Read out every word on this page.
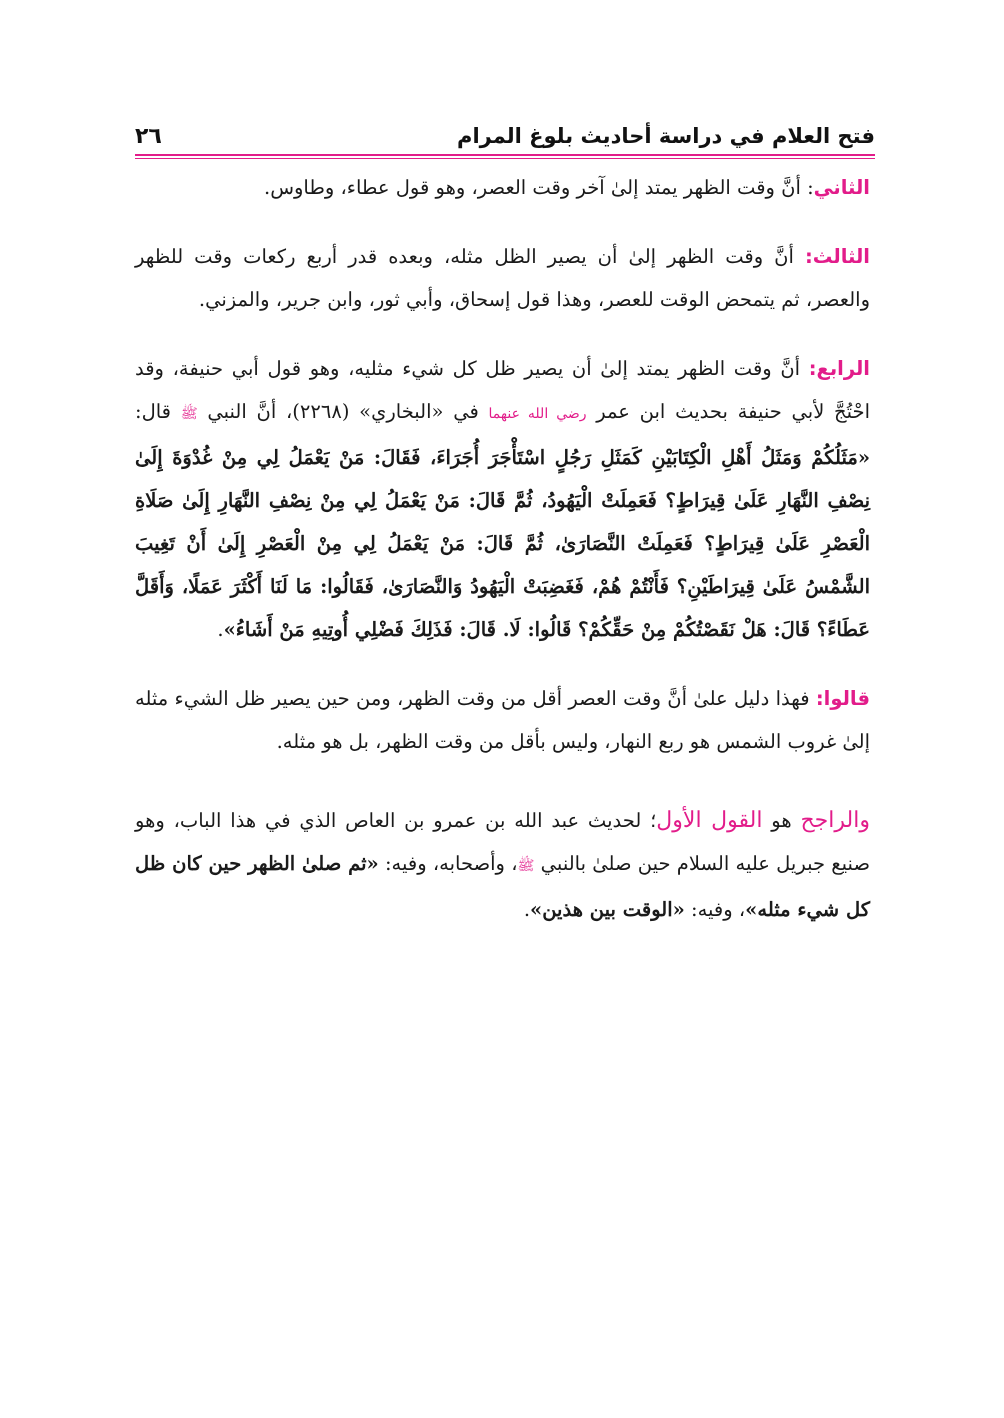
٢٦	فتح العلام في دراسة أحاديث بلوغ المرام

الثاني: أنَّ وقت الظهر يمتد إلىٰ آخر وقت العصر، وهو قول عطاء، وطاوس.

الثالث: أنَّ وقت الظهر إلىٰ أن يصير الظل مثله، وبعده قدر أربع ركعات وقت للظهر والعصر، ثم يتمحض الوقت للعصر، وهذا قول إسحاق، وأبي ثور، وابن جرير، والمزني.

الرابع: أنَّ وقت الظهر يمتد إلىٰ أن يصير ظل كل شيء مثليه، وهو قول أبي حنيفة، وقد احْتُجَّ لأبي حنيفة بحديث ابن عمر رضي الله عنهما في «البخاري» (٢٢٦٨)، أنَّ النبي ﷺ قال: «مَثَلُكُمْ وَمَثَلُ أَهْلِ الْكِتَابَيْنِ كَمَثَلِ رَجُلٍ اسْتَأْجَرَ أُجَرَاءَ، فَقَالَ: مَنْ يَعْمَلُ لِي مِنْ غُدْوَةَ إِلَىٰ نِصْفِ النَّهَارِ عَلَىٰ قِيرَاطٍ؟ فَعَمِلَتْ الْيَهُودُ، ثُمَّ قَالَ: مَنْ يَعْمَلُ لِي مِنْ نِصْفِ النَّهَارِ إِلَىٰ صَلَاةِ الْعَصْرِ عَلَىٰ قِيرَاطٍ؟ فَعَمِلَتْ النَّصَارَىٰ، ثُمَّ قَالَ: مَنْ يَعْمَلُ لِي مِنْ الْعَصْرِ إِلَىٰ أَنْ تَغِيبَ الشَّمْسُ عَلَىٰ قِيرَاطَيْنِ؟ فَأَنْتُمْ هُمْ، فَغَضِبَتْ الْيَهُودُ وَالنَّصَارَىٰ، فَقَالُوا: مَا لَنَا أَكْثَرَ عَمَلًا، وَأَقَلَّ عَطَاءً؟ قَالَ: هَلْ نَقَصْتُكُمْ مِنْ حَقِّكُمْ؟ قَالُوا: لَا. قَالَ: فَذَلِكَ فَضْلِي أُوتِيهِ مَنْ أَشَاءُ».

قالوا: فهذا دليل علىٰ أنَّ وقت العصر أقل من وقت الظهر، ومن حين يصير ظل الشيء مثله إلىٰ غروب الشمس هو ربع النهار، وليس بأقل من وقت الظهر، بل هو مثله.

والراجح هو القول الأول؛ لحديث عبد الله بن عمرو بن العاص الذي في هذا الباب، وهو صنيع جبريل عليه السلام حين صلىٰ بالنبي ﷺ، وأصحابه، وفيه: «ثم صلىٰ الظهر حين كان ظل كل شيء مثله»، وفيه: «الوقت بين هذين».
